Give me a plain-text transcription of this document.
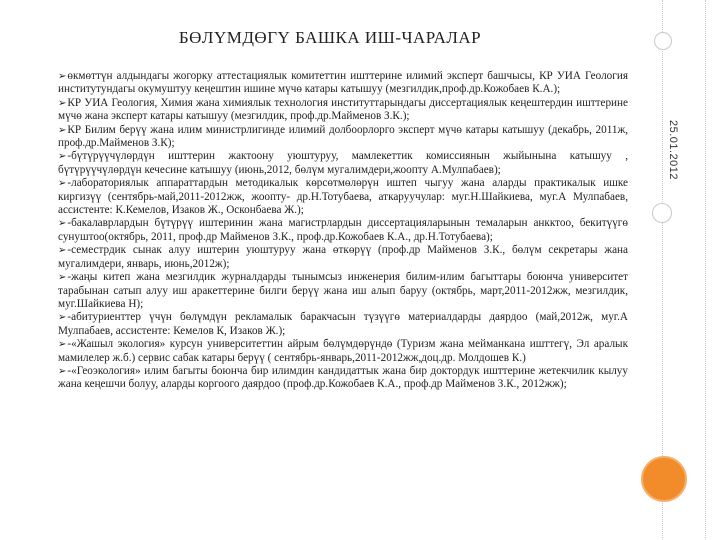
25.01.2012
БӨЛҮМДӨГҮ БАШКА ИШ-ЧАРАЛАР

➢өкмөттүн алдындагы жогорку аттестациялык комитеттин ишттерине илимий эксперт башчысы, КР УИА Геология институтундагы окумуштуу кеңештин ишине мүчө катары катышуу (мезгилдик,проф.др.Кожобаев К.А.);

➢КР УИА Геология, Химия жана химиялык технология институттарындагы диссертациялык кеңештердин ишттерине мүчө жана эксперт катары катышуу (мезгилдик, проф.др.Майменов З.К.);

➢КР Билим берүү жана илим министрлигинде илимий долбоорлорго эксперт мүчө катары катышуу (декабрь, 2011ж, проф.др.Майменов З.К);

➢-бүтүрүүчүлөрдүн ишттерин жактоону уюштуруу, мамлекеттик комиссиянын жыйынына катышуу , бүтүрүүчүлөрдүн кечесине катышуу (июнь,2012, бөлүм мугалимдери,жоопту А.Мулпабаев);

➢-лабораториялык аппараттардын методикалык көрсөтмөлөрүн иштеп чыгуу жана аларды практикалык ишке киргизүү (сентябрь-май,2011-2012жж, жоопту- др.Н.Тотубаева, аткаруучулар: муг.Н.Шайкиева, муг.А Мулпабаев, ассистенте: К.Кемелов, Изаков Ж., Осконбаева Ж.);

➢-бакалаврлардын бүтүрүү иштеринин жана магистрлардын диссертацияларынын темаларын анкктоо, бекитүүгө сунуштоо(октябрь, 2011, проф.др Майменов З.К., проф.др.Кожобаев К.А., др.Н.Тотубаева);

➢-семестрдик сынак алуу иштерин уюштуруу жана өткөрүү (проф.др Майменов З.К., бөлүм секретары жана мугалимдери, январь, июнь,2012ж);

➢-жаңы китеп жана мезгилдик журналдарды тынымсыз инженерия билим-илим багыттары боюнча университет тарабынан сатып алуу иш аракеттерине билги берүү жана иш алып баруу (октябрь, март,2011-2012жж, мезгилдик, муг.Шайкиева Н);

➢-абитуриенттер үчүн бөлүмдүн рекламалык баракчасын түзүүгө материалдарды даярдоо (май,2012ж, муг.А Мулпабаев, ассистенте: Кемелов К, Изаков Ж.);

➢-«Жашыл экология» курсун университеттин айрым бөлүмдөрүндө (Туризм жана мейманкана ишттегү, Эл аралык мамилелер ж.б.) сервис сабак катары берүү ( сентябрь-январь,2011-2012жж,доц.др. Молдошев К.)

➢-«Геоэкология» илим багыты боюнча бир илимдин кандидаттык жана бир доктордук ишттерине жетекчилик кылуу жана кеңешчи болуу, аларды коргоого даярдоо (проф.др.Кожобаев К.А., проф.др Майменов З.К., 2012жж);
